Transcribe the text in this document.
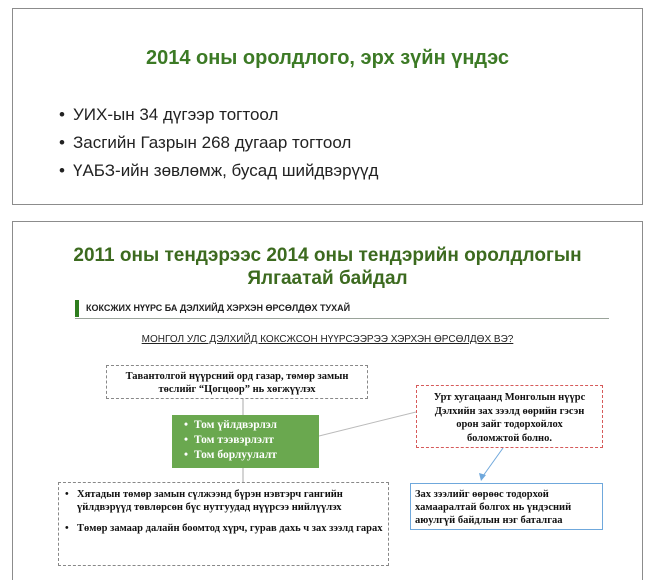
2014 оны оролдлого, эрх зүйн үндэс
• УИХ-ын 34 дүгээр тогтоол
• Засгийн Газрын 268 дугаар тогтоол
• ҮАБЗ-ийн зөвлөмж, бусад шийдвэрүүд
2011 оны тендэрээс 2014 оны тендэрийн оролдлогын
Ялгаатай байдал
КОКСЖИХ НҮҮРС БА ДЭЛХИЙД ХЭРХЭН ӨРСӨЛДӨХ ТУХАЙ
МОНГОЛ УЛС ДЭЛХИЙД КОКСЖСОН НҮҮРСЭЭРЭЭ ХЭРХЭН ӨРСӨЛДӨХ ВЭ?
Тавантолгой нүүрсний орд газар, төмөр замын
төслийг “Цогцоор” нь хөгжүүлэх
• Том үйлдвэрлэл
• Том тээвэрлэлт
• Том борлуулалт
Урт хугацаанд Монголын нүүрс
Дэлхийн зах зээлд өөрийн гэсэн
орон зайг тодорхойлох
боломжтой болно.
• Хятадын төмөр замын сүлжээнд бүрэн нэвтэрч гангийн үйлдвэрүүд төвлөрсөн бүс нутгуудад нүүрсээ нийлүүлэх
• Төмөр замаар далайн боомтод хүрч, гурав дахь ч зах зээлд гарах
Зах зээлийг өөрөөс тодорхой
хамааралтай болгох нь үндэсний
аюулгүй байдлын нэг баталгаа
